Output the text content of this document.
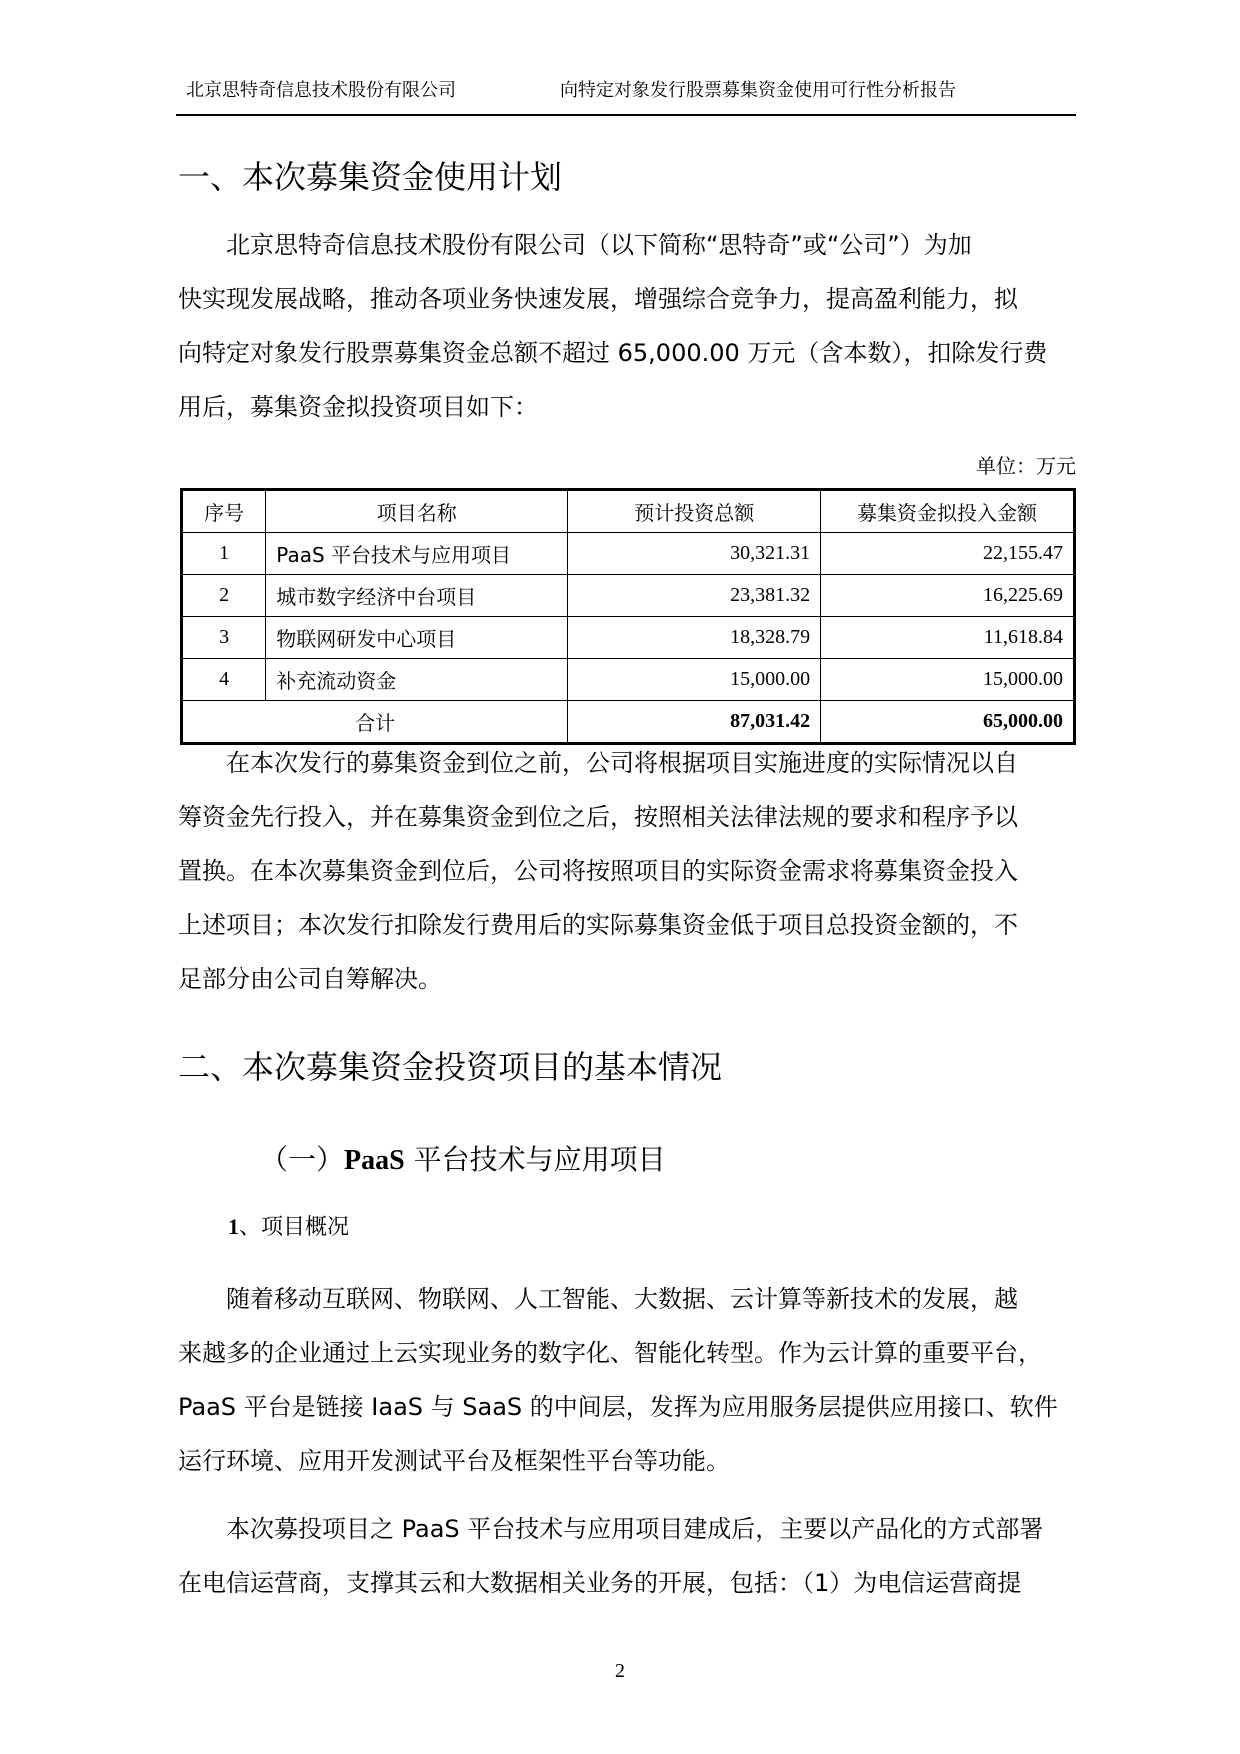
北京思特奇信息技术股份有限公司	向特定对象发行股票募集资金使用可行性分析报告
一、本次募集资金使用计划
北京思特奇信息技术股份有限公司（以下简称“思特奇”或“公司”）为加
快实现发展战略，推动各项业务快速发展，增强综合竞争力，提高盈利能力，拟
向特定对象发行股票募集资金总额不超过 65,000.00 万元（含本数），扣除发行费
用后，募集资金拟投资项目如下：
单位：万元
序号	项目名称	预计投资总额	募集资金拟投入金额
1	PaaS 平台技术与应用项目	30,321.31	22,155.47
2	城市数字经济中台项目	23,381.32	16,225.69
3	物联网研发中心项目	18,328.79	11,618.84
4	补充流动资金	15,000.00	15,000.00
合计		87,031.42	65,000.00
在本次发行的募集资金到位之前，公司将根据项目实施进度的实际情况以自
筹资金先行投入，并在募集资金到位之后，按照相关法律法规的要求和程序予以
置换。在本次募集资金到位后，公司将按照项目的实际资金需求将募集资金投入
上述项目；本次发行扣除发行费用后的实际募集资金低于项目总投资金额的，不
足部分由公司自筹解决。
二、本次募集资金投资项目的基本情况
（一）PaaS 平台技术与应用项目
1、项目概况
随着移动互联网、物联网、人工智能、大数据、云计算等新技术的发展，越
来越多的企业通过上云实现业务的数字化、智能化转型。作为云计算的重要平台，
PaaS 平台是链接 IaaS 与 SaaS 的中间层，发挥为应用服务层提供应用接口、软件
运行环境、应用开发测试平台及框架性平台等功能。
本次募投项目之 PaaS 平台技术与应用项目建成后，主要以产品化的方式部署
在电信运营商，支撑其云和大数据相关业务的开展，包括：（1）为电信运营商提
2
